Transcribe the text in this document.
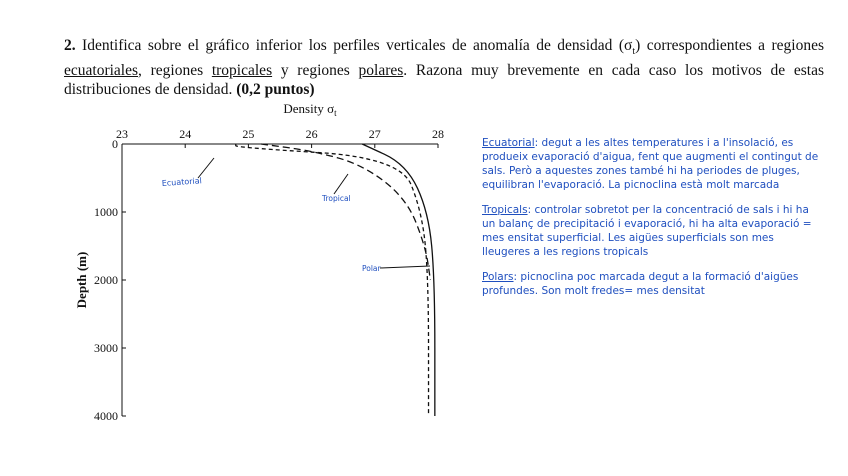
2. Identifica sobre el gráfico inferior los perfiles verticales de anomalía de densidad $(\sigma_t)$ correspondientes a regiones ecuatoriales, regiones tropicales y regiones polares. Razona muy brevemente en cada caso los motivos de estas distribuciones de densidad. (0,2 puntos)
Density $\sigma_t$
Depth (m)
23	24	25	26	27	28
0
1000
2000
3000
4000
Ecuatorial
Tropical
Polar

Ecuatorial: degut a les altes temperatures i a l'insolació, es produeix evaporació d'aigua, fent que augmenti el contingut de sals. Però a aquestes zones també hi ha periodes de pluges, equilibran l'evaporació. La picnoclina està molt marcada

Tropicals: controlar sobretot per la concentració de sals i hi ha un balanç de precipitació i evaporació, hi ha alta evaporació = mes ensitat superficial. Les aigües superficials son mes lleugeres a les regions tropicals

Polars: picnoclina poc marcada degut a la formació d'aigües profundes. Son molt fredes= mes densitat
